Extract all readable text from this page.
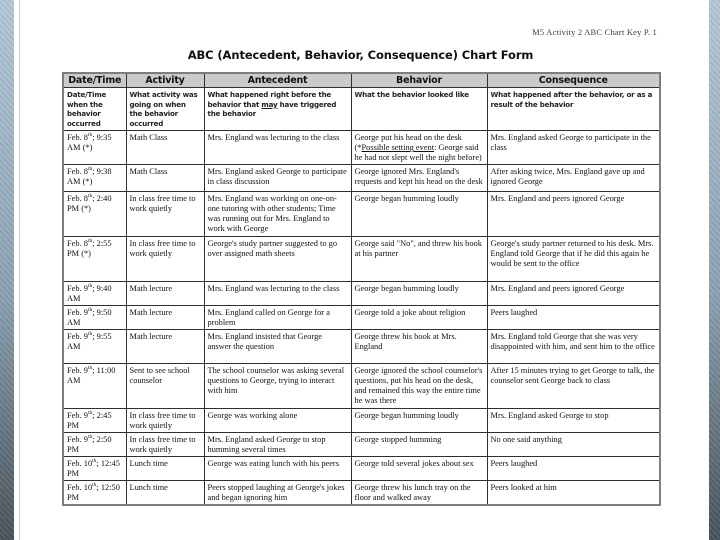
M5 Activity 2 ABC Chart Key P. 1
ABC (Antecedent, Behavior, Consequence) Chart Form
Date/Time	Activity	Antecedent	Behavior	Consequence
Date/Time when the behavior occurred	What activity was going on when the behavior occurred	What happened right before the behavior that may have triggered the behavior	What the behavior looked like	What happened after the behavior, or as a result of the behavior
Feb. 8th; 9:35 AM (*)	Math Class	Mrs. England was lecturing to the class	George put his head on the desk (*Possible setting event: George said he had not slept well the night before)	Mrs. England asked George to participate in the class
Feb. 8th; 9:38 AM (*)	Math Class	Mrs. England asked George to participate in class discussion	George ignored Mrs. England's requests and kept his head on the desk	After asking twice, Mrs. England gave up and ignored George
Feb. 8th; 2:40 PM (*)	In class free time to work quietly	Mrs. England was working on one-on-one tutoring with other students; Time was running out for Mrs. England to work with George	George began humming loudly	Mrs. England and peers ignored George
Feb. 8th; 2:55 PM (*)	In class free time to work quietly	George's study partner suggested to go over assigned math sheets	George said "No", and threw his book at his partner	George's study partner returned to his desk. Mrs. England told George that if he did this again he would be sent to the office
Feb. 9th; 9:40 AM	Math lecture	Mrs. England was lecturing to the class	George began humming loudly	Mrs. England and peers ignored George
Feb. 9th; 9:50 AM	Math lecture	Mrs. England called on George for a problem	George told a joke about religion	Peers laughed
Feb. 9th; 9:55 AM	Math lecture	Mrs. England insisted that George answer the question	George threw his book at Mrs. England	Mrs. England told George that she was very disappointed with him, and sent him to the office
Feb. 9th; 11:00 AM	Sent to see school counselor	The school counselor was asking several questions to George, trying to interact with him	George ignored the school counselor's questions, put his head on the desk, and remained this way the entire time he was there	After 15 minutes trying to get George to talk, the counselor sent George back to class
Feb. 9th; 2:45 PM	In class free time to work quietly	George was working alone	George began humming loudly	Mrs. England asked George to stop
Feb. 9th; 2:50 PM	In class free time to work quietly	Mrs. England asked George to stop humming several times	George stopped humming	No one said anything
Feb. 10th; 12:45 PM	Lunch time	George was eating lunch with his peers	George told several jokes about sex	Peers laughed
Feb. 10th; 12:50 PM	Lunch time	Peers stopped laughing at George's jokes and began ignoring him	George threw his lunch tray on the floor and walked away	Peers looked at him
